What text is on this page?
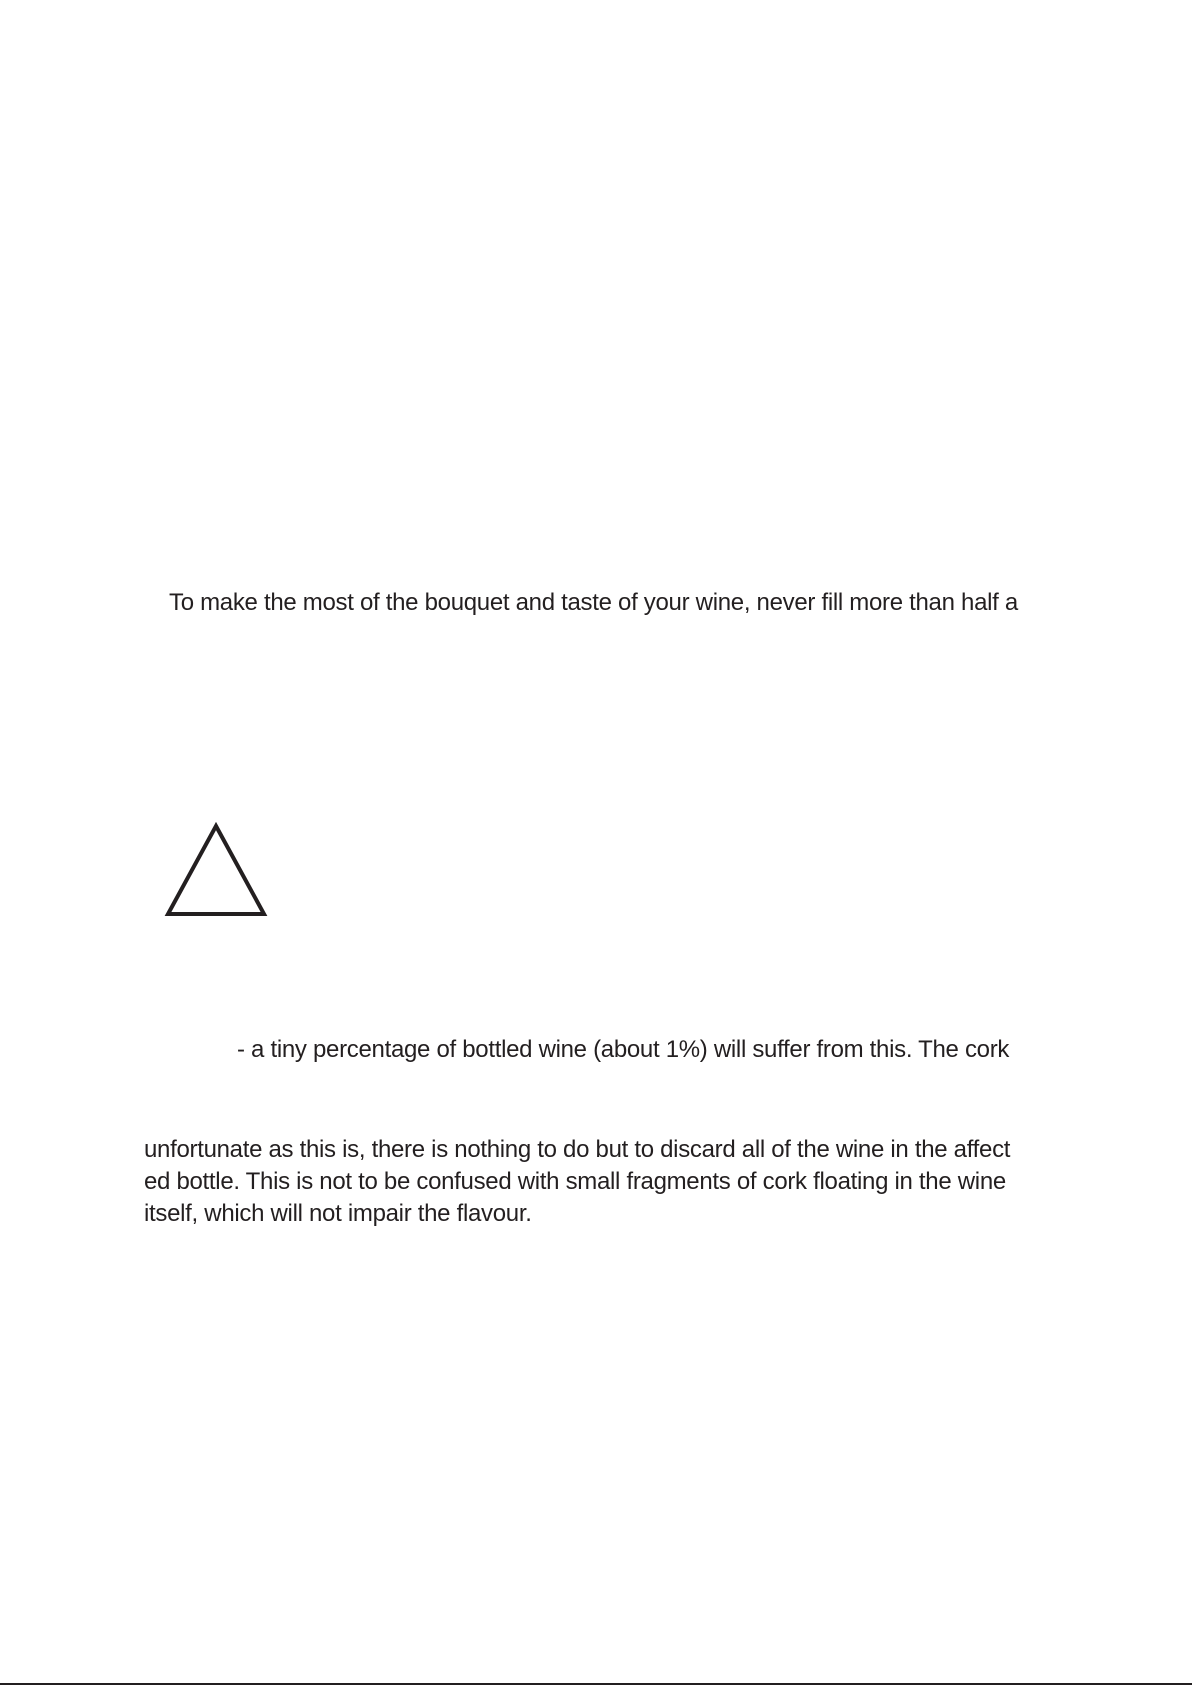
To make the most of the bouquet and taste of your wine, never fill more than half a
- a tiny percentage of bottled wine (about 1%) will suffer from this. The cork
unfortunate as this is, there is nothing to do but to discard all of the wine in the affect
ed bottle. This is not to be confused with small fragments of cork floating in the wine
itself, which will not impair the flavour.
